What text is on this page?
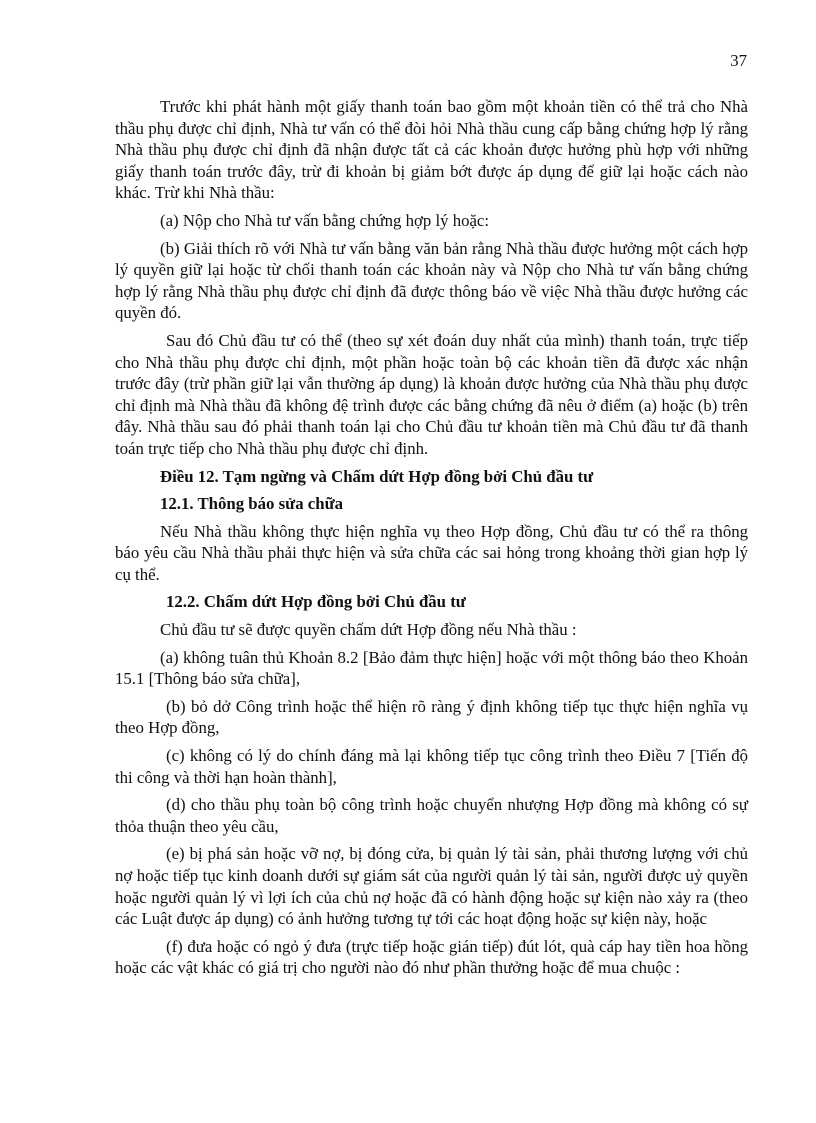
37

Trước khi phát hành một giấy thanh toán bao gồm một khoản tiền có thể trả cho Nhà thầu phụ được chỉ định, Nhà tư vấn có thể đòi hỏi Nhà thầu cung cấp bằng chứng hợp lý rằng Nhà thầu phụ được chỉ định đã nhận được tất cả các khoản được hưởng phù hợp với những giấy thanh toán trước đây, trừ đi khoản bị giảm bớt được áp dụng để giữ lại hoặc cách nào khác. Trừ khi Nhà thầu:

(a) Nộp cho Nhà tư vấn bằng chứng hợp lý hoặc:

(b) Giải thích rõ với Nhà tư vấn bằng văn bản rằng Nhà thầu được hưởng một cách hợp lý quyền giữ lại hoặc từ chối thanh toán các khoản này và Nộp cho Nhà tư vấn bằng chứng hợp lý rằng Nhà thầu phụ được chỉ định đã được thông báo về việc Nhà thầu được hưởng các quyền đó.

Sau đó Chủ đầu tư có thể (theo sự xét đoán duy nhất của mình) thanh toán, trực tiếp cho Nhà thầu phụ được chỉ định, một phần hoặc toàn bộ các khoản tiền đã được xác nhận trước đây (trừ phần giữ lại vẫn thường áp dụng) là khoản được hưởng của Nhà thầu phụ được chỉ định mà Nhà thầu đã không đệ trình được các bằng chứng đã nêu ở điểm (a) hoặc (b) trên đây. Nhà thầu sau đó phải thanh toán lại cho Chủ đầu tư khoản tiền mà Chủ đầu tư đã thanh toán trực tiếp cho Nhà thầu phụ được chỉ định.

Điều 12. Tạm ngừng và Chấm dứt Hợp đồng bởi Chủ đầu tư
12.1. Thông báo sửa chữa

Nếu Nhà thầu không thực hiện nghĩa vụ theo Hợp đồng, Chủ đầu tư có thể ra thông báo yêu cầu Nhà thầu phải thực hiện và sửa chữa các sai hỏng trong khoảng thời gian hợp lý cụ thể.

12.2. Chấm dứt Hợp đồng bởi Chủ đầu tư

Chủ đầu tư sẽ được quyền chấm dứt Hợp đồng nếu Nhà thầu :

(a) không tuân thủ Khoản 8.2 [Bảo đảm thực hiện] hoặc với một thông báo theo Khoản 15.1 [Thông báo sửa chữa],

(b) bỏ dở Công trình hoặc thể hiện rõ ràng ý định không tiếp tục thực hiện nghĩa vụ theo Hợp đồng,

(c) không có lý do chính đáng mà lại không tiếp tục công trình theo Điều 7 [Tiến độ thi công và thời hạn hoàn thành],

(d) cho thầu phụ toàn bộ công trình hoặc chuyển nhượng Hợp đồng mà không có sự thỏa thuận theo yêu cầu,

(e) bị phá sản hoặc vỡ nợ, bị đóng cửa, bị quản lý tài sản, phải thương lượng với chủ nợ hoặc tiếp tục kinh doanh dưới sự giám sát của người quản lý tài sản, người được uỷ quyền hoặc người quản lý vì lợi ích của chủ nợ hoặc đã có hành động hoặc sự kiện nào xảy ra (theo các Luật được áp dụng) có ảnh hưởng tương tự tới các hoạt động hoặc sự kiện này, hoặc

(f) đưa hoặc có ngỏ ý đưa (trực tiếp hoặc gián tiếp) đút lót, quà cáp hay tiền hoa hồng hoặc các vật khác có giá trị cho người nào đó như phần thưởng hoặc để mua chuộc :
